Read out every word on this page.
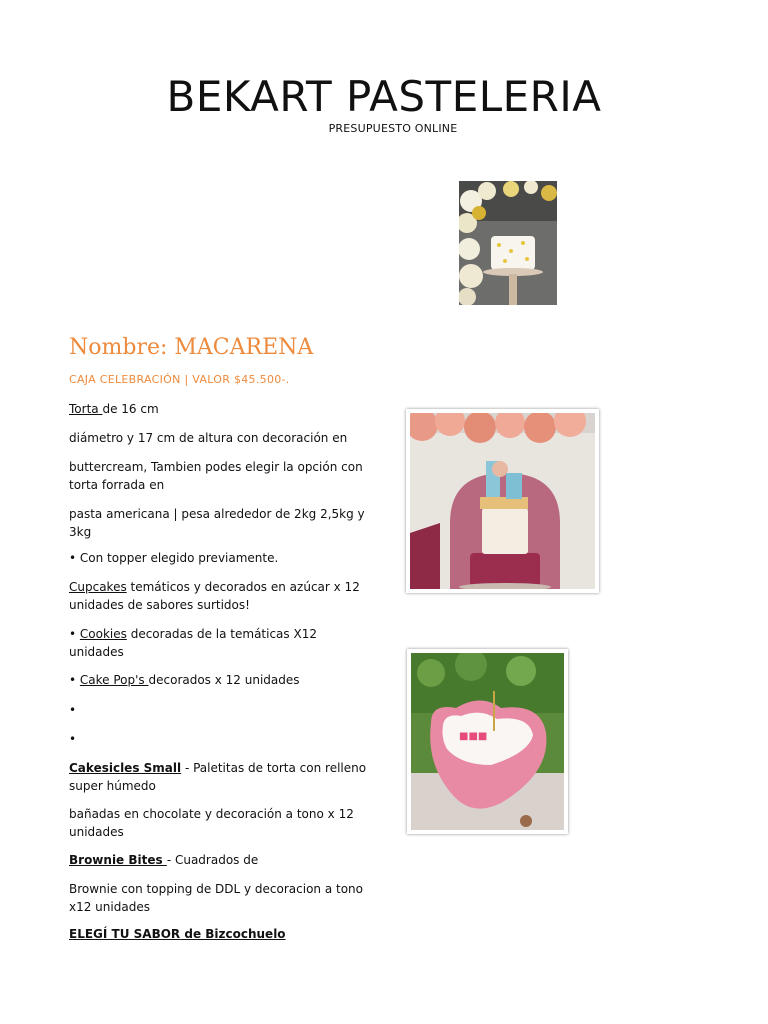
BEKART PASTELERIA
PRESUPUESTO ONLINE
Nombre: MACARENA
CAJA CELEBRACIÓN | VALOR $45.500-.
■■■
Torta de 16 cm
diámetro y 17 cm de altura con decoración en
buttercream, Tambien podes elegir la opción con torta forrada en
pasta americana | pesa alrededor de 2kg 2,5kg y 3kg
• Con topper elegido previamente.
Cupcakes temáticos y decorados en azúcar x 12 unidades de sabores surtidos!
• Cookies decoradas de la temáticas X12 unidades
• Cake Pop's decorados x 12 unidades
•
•
Cakesicles Small - Paletitas de torta con relleno super húmedo
bañadas en chocolate y decoración a tono x 12 unidades
Brownie Bites - Cuadrados de
Brownie con topping de DDL y decoracion a tono x12 unidades
ELEGÍ TU SABOR de Bizcochuelo
